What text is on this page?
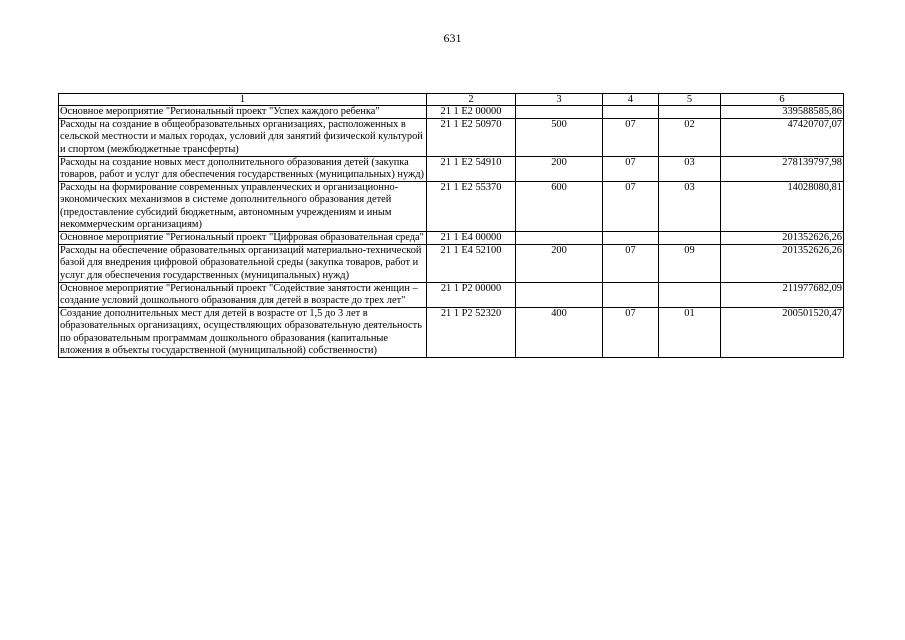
631
1	2	3	4	5	6
Основное мероприятие "Региональный проект "Успех каждого ребенка"	21 1 E2 00000				339588585,86
Расходы на создание в общеобразовательных организациях, расположенных в сельской местности и малых городах, условий для занятий физической культурой и спортом (межбюджетные трансферты)	21 1 E2 50970	500	07	02	47420707,07
Расходы на создание новых мест дополнительного образования детей (закупка товаров, работ и услуг для обеспечения государственных (муниципальных) нужд)	21 1 E2 54910	200	07	03	278139797,98
Расходы на формирование современных управленческих и организационно-экономических механизмов в системе дополнительного образования детей (предоставление субсидий бюджетным, автономным учреждениям и иным некоммерческим организациям)	21 1 E2 55370	600	07	03	14028080,81
Основное мероприятие "Региональный проект "Цифровая образовательная среда"	21 1 E4 00000				201352626,26
Расходы на обеспечение образовательных организаций материально-технической базой для внедрения цифровой образовательной среды (закупка товаров, работ и услуг для обеспечения государственных (муниципальных) нужд)	21 1 E4 52100	200	07	09	201352626,26
Основное мероприятие "Региональный проект "Содействие занятости женщин – создание условий дошкольного образования для детей в возрасте до трех лет"	21 1 P2 00000				211977682,09
Создание дополнительных мест для детей в возрасте от 1,5 до 3 лет в образовательных организациях, осуществляющих образовательную деятельность по образовательным программам дошкольного образования (капитальные вложения в объекты государственной (муниципальной) собственности)	21 1 P2 52320	400	07	01	200501520,47
